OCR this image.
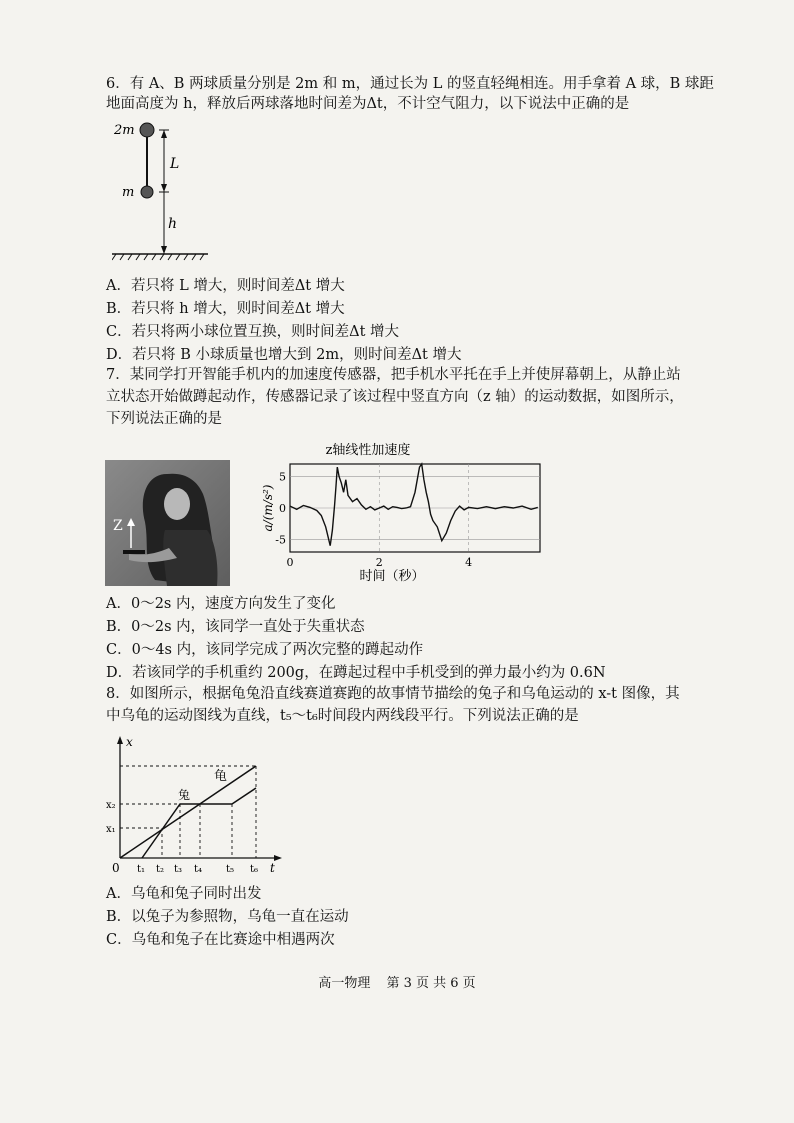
6．有 A、B 两球质量分别是 2m 和 m，通过长为 L 的竖直轻绳相连。用手拿着 A 球，B 球距
地面高度为 h，释放后两球落地时间差为Δt，不计空气阻力，以下说法中正确的是
2m
m
L
h
A．若只将 L 增大，则时间差Δt 增大
B．若只将 h 增大，则时间差Δt 增大
C．若只将两小球位置互换，则时间差Δt 增大
D．若只将 B 小球质量也增大到 2m，则时间差Δt 增大
7．某同学打开智能手机内的加速度传感器，把手机水平托在手上并使屏幕朝上，从静止站
立状态开始做蹲起动作，传感器记录了该过程中竖直方向（z 轴）的运动数据，如图所示，
下列说法正确的是
Z
z轴线性加速度
a/(m/s²)
时间（秒）
5
0
-5
0	2	4
A．0～2s 内，速度方向发生了变化
B．0～2s 内，该同学一直处于失重状态
C．0～4s 内，该同学完成了两次完整的蹲起动作
D．若该同学的手机重约 200g，在蹲起过程中手机受到的弹力最小约为 0.6N
8．如图所示，根据龟兔沿直线赛道赛跑的故事情节描绘的兔子和乌龟运动的 x-t 图像，其
中乌龟的运动图线为直线，t₅～t₆时间段内两线段平行。下列说法正确的是
x
t
0
龟
兔
x₁
x₂
t₁ t₂ t₃ t₄ t₅ t₆
A．乌龟和兔子同时出发
B．以兔子为参照物，乌龟一直在运动
C．乌龟和兔子在比赛途中相遇两次
高一物理 第 3 页 共 6 页
